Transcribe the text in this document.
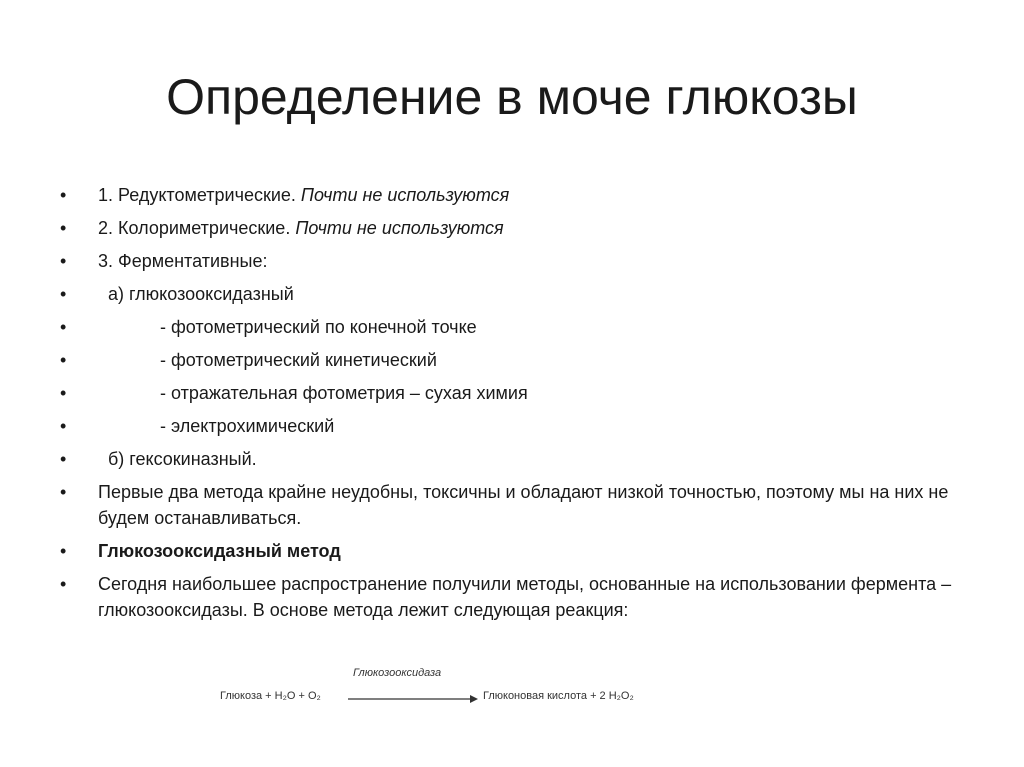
Определение в моче глюкозы
•	1. Редуктометрические. Почти не используются
•	2. Колориметрические. Почти не используются
•	3. Ферментативные:
•	а) глюкозооксидазный
•	- фотометрический по конечной точке
•	- фотометрический кинетический
•	- отражательная фотометрия – сухая химия
•	- электрохимический
•	б) гексокиназный.
•	Первые два метода крайне неудобны, токсичны и обладают низкой точностью, поэтому мы на них не будем останавливаться.
•	Глюкозооксидазный метод
•	Сегодня наибольшее распространение получили методы, основанные на использовании фермента – глюкозооксидазы. В основе метода лежит следующая реакция:
Глюкозооксидаза
Глюкоза + H₂O + O₂	Глюконовая кислота + 2 H₂O₂
